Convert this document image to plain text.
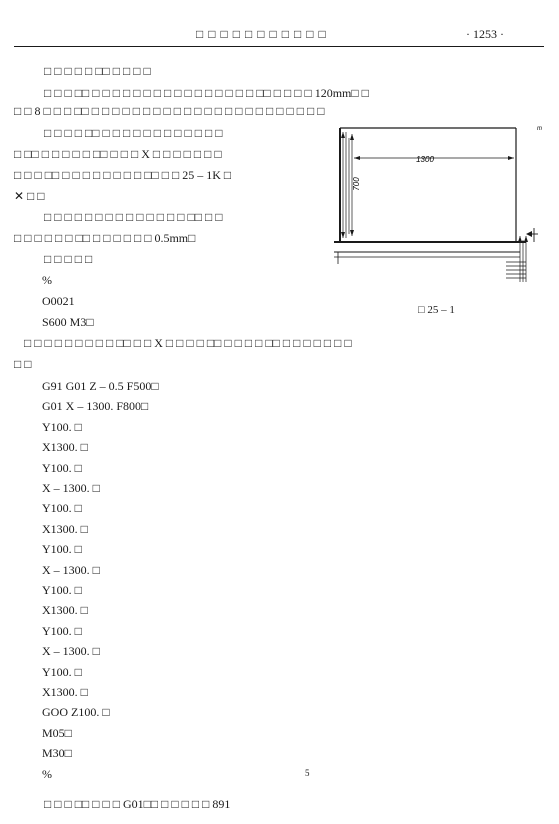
□ □ □ □ □ □ □ □ □ □ □	· 1253 ·
□ □ □ □ □ □□ □ □ □ □
□ □ □ □□ □ □ □ □ □ □ □ □ □ □ □ □ □ □ □ □ □□ □ □ □ □ 120mm□ □
□ □ 8 □ □ □ □□ □ □ □ □ □ □ □ □ □ □ □ □ □ □ □ □ □ □ □ □ □ □ □
□ □ □ □ □□ □ □ □ □ □ □ □ □ □ □ □ □
□ □□ □ □ □ □ □ □□ □ □ □ X □ □ □ □ □ □ □
□ □ □ □□ □ □ □ □ □ □ □ □ □□ □ □ 25 – 1K □
✕ □ □
□ □ □ □ □ □ □ □ □ □ □ □ □ □ □□ □ □
□ □ □ □ □ □ □□ □ □ □ □ □ □ 0.5mm□
□ □ □ □ □
%
O0021
S600 M3□
□ □ □ □ □ □ □ □ □ □□ □ □ X □ □ □ □ □□ □ □ □ □ □□ □ □ □ □ □ □ □
□ □
G91 G01 Z – 0.5 F500□
G01 X – 1300. F800□
Y100. □
X1300. □
Y100. □
X – 1300. □
Y100. □
X1300. □
Y100. □
X – 1300. □
Y100. □
X1300. □
Y100. □
X – 1300. □
Y100. □
X1300. □
GOO Z100. □
M05□
M30□
%
□ □ □ □□ □ □ □ G01□□ □ □ □ □ □ 891
5
1300
700
m
□ 25 – 1
